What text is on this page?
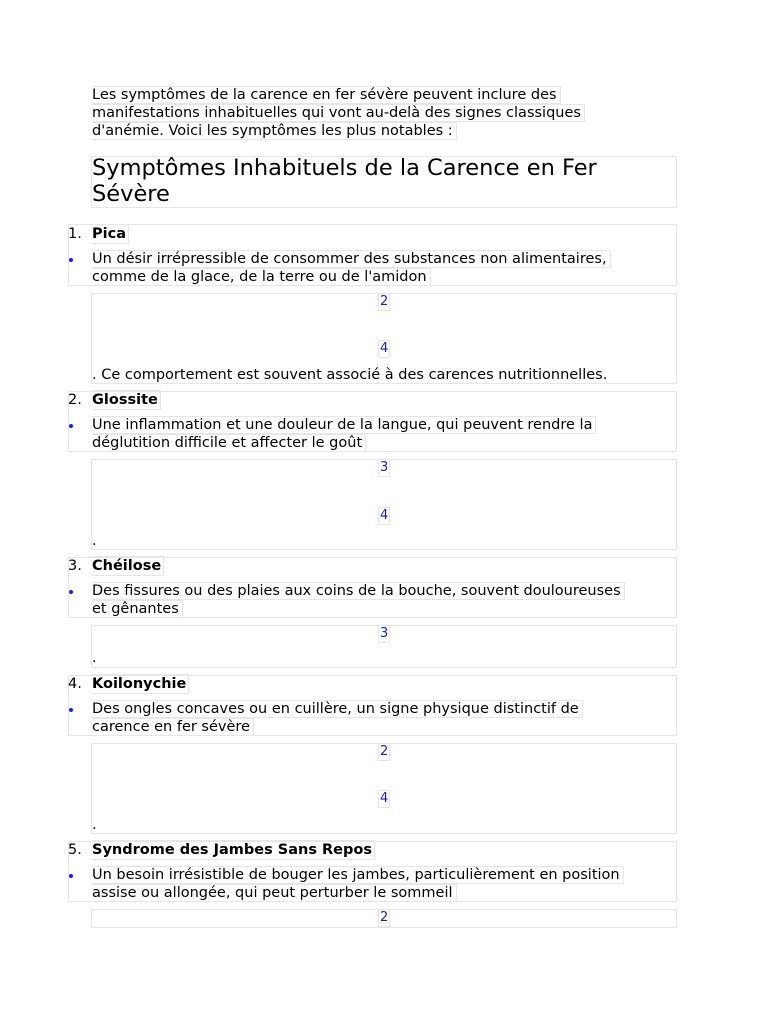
Les symptômes de la carence en fer sévère peuvent inclure des
manifestations inhabituelles qui vont au-delà des signes classiques
d'anémie. Voici les symptômes les plus notables :
Symptômes Inhabituels de la Carence en Fer
Sévère
1. Pica
Un désir irrépressible de consommer des substances non alimentaires,
comme de la glace, de la terre ou de l'amidon
2
4
. Ce comportement est souvent associé à des carences nutritionnelles.
2. Glossite
Une inflammation et une douleur de la langue, qui peuvent rendre la
déglutition difficile et affecter le goût
3
4
.
3. Chéilose
Des fissures ou des plaies aux coins de la bouche, souvent douloureuses
et gênantes
3
.
4. Koilonychie
Des ongles concaves ou en cuillère, un signe physique distinctif de
carence en fer sévère
2
4
.
5. Syndrome des Jambes Sans Repos
Un besoin irrésistible de bouger les jambes, particulièrement en position
assise ou allongée, qui peut perturber le sommeil
2
